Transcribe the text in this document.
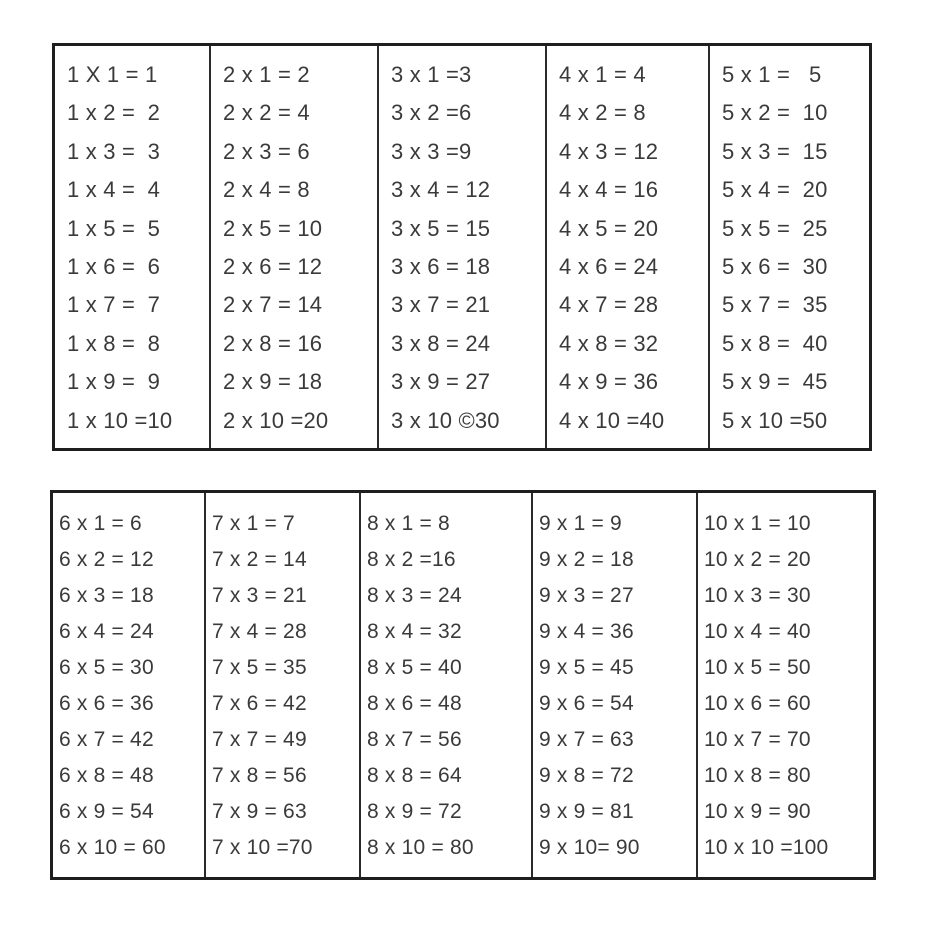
1 X 1 = 1
1 x 2 =  2
1 x 3 =  3
1 x 4 =  4
1 x 5 =  5
1 x 6 =  6
1 x 7 =  7
1 x 8 =  8
1 x 9 =  9
1 x 10 =10
2 x 1 = 2
2 x 2 = 4
2 x 3 = 6
2 x 4 = 8
2 x 5 = 10
2 x 6 = 12
2 x 7 = 14
2 x 8 = 16
2 x 9 = 18
2 x 10 =20
3 x 1 =3
3 x 2 =6
3 x 3 =9
3 x 4 = 12
3 x 5 = 15
3 x 6 = 18
3 x 7 = 21
3 x 8 = 24
3 x 9 = 27
3 x 10 ©30
4 x 1 = 4
4 x 2 = 8
4 x 3 = 12
4 x 4 = 16
4 x 5 = 20
4 x 6 = 24
4 x 7 = 28
4 x 8 = 32
4 x 9 = 36
4 x 10 =40
5 x 1 =   5
5 x 2 =  10
5 x 3 =  15
5 x 4 =  20
5 x 5 =  25
5 x 6 =  30
5 x 7 =  35
5 x 8 =  40
5 x 9 =  45
5 x 10 =50
6 x 1 = 6
6 x 2 = 12
6 x 3 = 18
6 x 4 = 24
6 x 5 = 30
6 x 6 = 36
6 x 7 = 42
6 x 8 = 48
6 x 9 = 54
6 x 10 = 60
7 x 1 = 7
7 x 2 = 14
7 x 3 = 21
7 x 4 = 28
7 x 5 = 35
7 x 6 = 42
7 x 7 = 49
7 x 8 = 56
7 x 9 = 63
7 x 10 =70
8 x 1 = 8
8 x 2 =16
8 x 3 = 24
8 x 4 = 32
8 x 5 = 40
8 x 6 = 48
8 x 7 = 56
8 x 8 = 64
8 x 9 = 72
8 x 10 = 80
9 x 1 = 9
9 x 2 = 18
9 x 3 = 27
9 x 4 = 36
9 x 5 = 45
9 x 6 = 54
9 x 7 = 63
9 x 8 = 72
9 x 9 = 81
9 x 10= 90
10 x 1 = 10
10 x 2 = 20
10 x 3 = 30
10 x 4 = 40
10 x 5 = 50
10 x 6 = 60
10 x 7 = 70
10 x 8 = 80
10 x 9 = 90
10 x 10 =100
